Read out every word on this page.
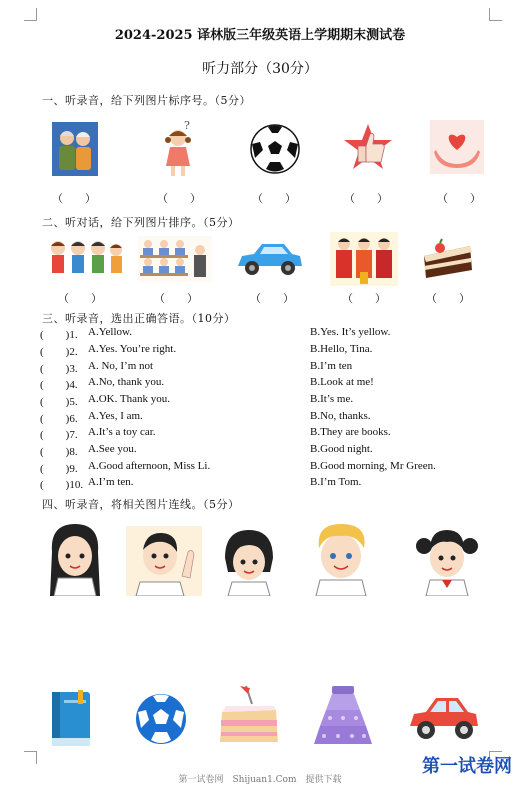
2024-2025 译林版三年级英语上学期期末测试卷
听力部分（30分）
一、听录音，给下列图片标序号。（5分）
?
（　　）	（　　）	（　　）	（　　）	（　　）
二、听对话，给下列图片排序。（5分）
（　　）	（　　）	（　　）	（　　）	（　　）
三、听录音，选出正确答语。（10分）
(　　)1. A.Yellow.	B.Yes. It’s yellow.
(　　)2. A.Yes. You’re right.	B.Hello, Tina.
(　　)3. A. No, I’m not	B.I’m ten
(　　)4. A.No, thank you.	B.Look at me!
(　　)5. A.OK. Thank you.	B.It’s me.
(　　)6. A.Yes, I am.	B.No, thanks.
(　　)7. A.It’s a toy car.	B.They are books.
(　　)8. A.See you.	B.Good night.
(　　)9. A.Good afternoon, Miss Li.	B.Good morning, Mr Green.
(　　)10. A.I’m ten.	B.I’m Tom.
四、听录音，将相关图片连线。（5分）
第一试卷网　Shijuan1.Com　提供下载
第一试卷网
